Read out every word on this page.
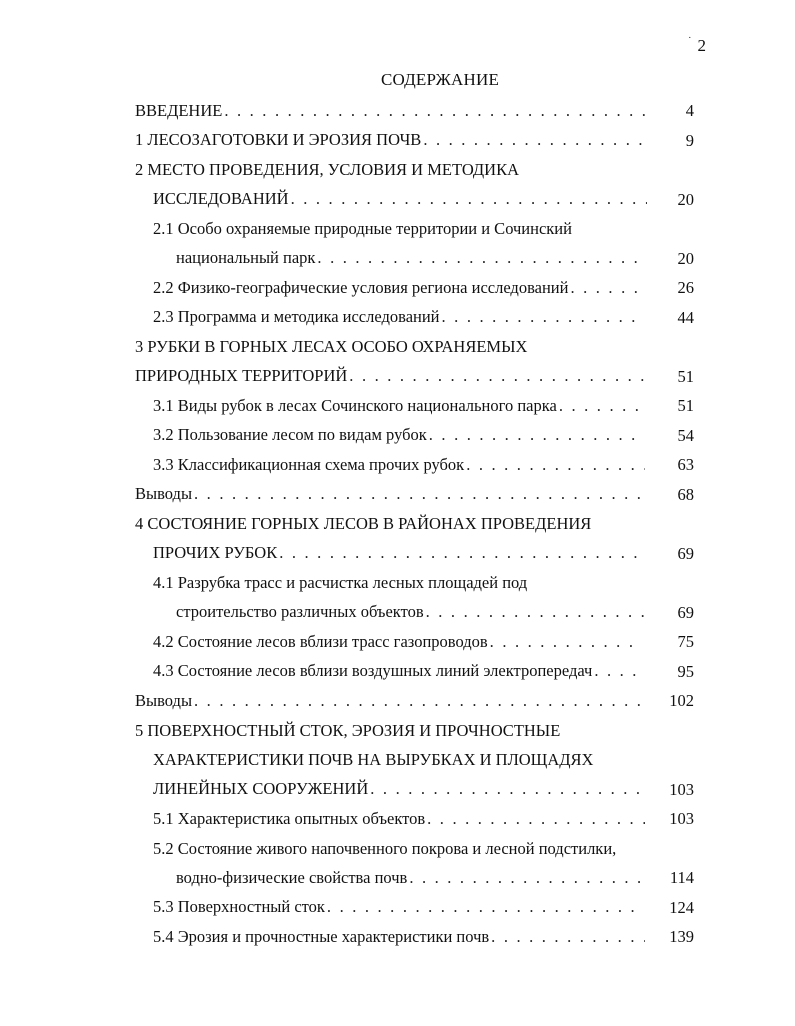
˙ 2
СОДЕРЖАНИЕ
ВВЕДЕНИЕ . . .	4
1 ЛЕСОЗАГОТОВКИ И ЭРОЗИЯ ПОЧВ . . .	9
2 МЕСТО ПРОВЕДЕНИЯ, УСЛОВИЯ И МЕТОДИКА
ИССЛЕДОВАНИЙ . . .	20
2.1 Особо охраняемые природные территории и Сочинский
национальный парк . . .	20
2.2 Физико-географические условия региона исследований . . .	26
2.3 Программа и методика исследований . . .	44
3 РУБКИ В ГОРНЫХ ЛЕСАХ ОСОБО ОХРАНЯЕМЫХ
ПРИРОДНЫХ ТЕРРИТОРИЙ . . .	51
3.1 Виды рубок в лесах Сочинского национального парка . . .	51
3.2 Пользование лесом по видам рубок . . .	54
3.3 Классификационная схема прочих рубок . . .	63
Выводы . . .	68
4 СОСТОЯНИЕ ГОРНЫХ ЛЕСОВ В РАЙОНАХ ПРОВЕДЕНИЯ
ПРОЧИХ РУБОК . . .	69
4.1 Разрубка трасс и расчистка лесных площадей под
строительство различных объектов . . .	69
4.2 Состояние лесов вблизи трасс газопроводов . . .	75
4.3 Состояние лесов вблизи воздушных линий электропередач . . .	95
Выводы . . .	102
5 ПОВЕРХНОСТНЫЙ СТОК, ЭРОЗИЯ И ПРОЧНОСТНЫЕ
ХАРАКТЕРИСТИКИ ПОЧВ НА ВЫРУБКАХ И ПЛОЩАДЯХ
ЛИНЕЙНЫХ СООРУЖЕНИЙ . . .	103
5.1 Характеристика опытных объектов . . .	103
5.2 Состояние живого напочвенного покрова и лесной подстилки,
водно-физические свойства почв . . .	114
5.3 Поверхностный сток . . .	124
5.4 Эрозия и прочностные характеристики почв . . .	139
